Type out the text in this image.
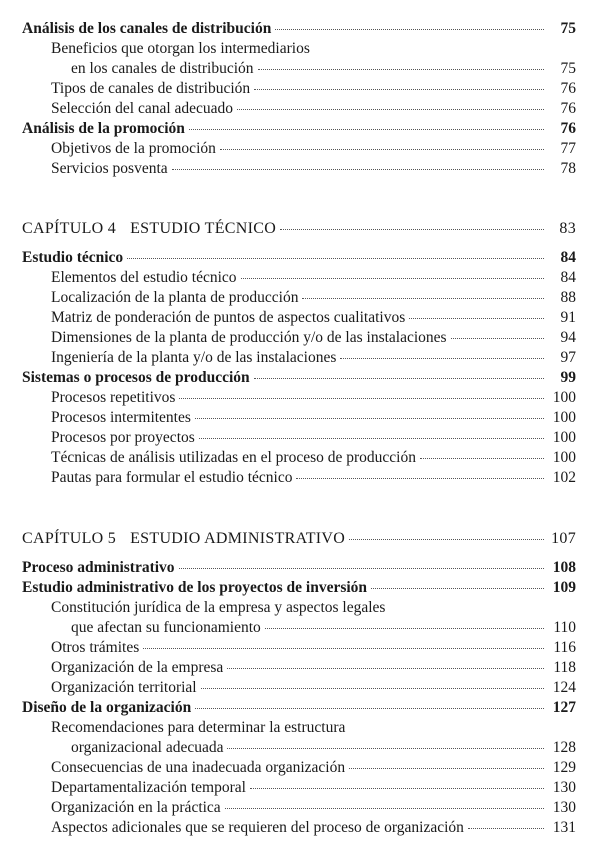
Análisis de los canales de distribución	75
Beneficios que otorgan los intermediarios
en los canales de distribución	75
Tipos de canales de distribución	76
Selección del canal adecuado	76
Análisis de la promoción	76
Objetivos de la promoción	77
Servicios posventa	78
CAPÍTULO 4 ESTUDIO TÉCNICO	83
Estudio técnico	84
Elementos del estudio técnico	84
Localización de la planta de producción	88
Matriz de ponderación de puntos de aspectos cualitativos	91
Dimensiones de la planta de producción y/o de las instalaciones	94
Ingeniería de la planta y/o de las instalaciones	97
Sistemas o procesos de producción	99
Procesos repetitivos	100
Procesos intermitentes	100
Procesos por proyectos	100
Técnicas de análisis utilizadas en el proceso de producción	100
Pautas para formular el estudio técnico	102
CAPÍTULO 5 ESTUDIO ADMINISTRATIVO	107
Proceso administrativo	108
Estudio administrativo de los proyectos de inversión	109
Constitución jurídica de la empresa y aspectos legales
que afectan su funcionamiento	110
Otros trámites	116
Organización de la empresa	118
Organización territorial	124
Diseño de la organización	127
Recomendaciones para determinar la estructura
organizacional adecuada	128
Consecuencias de una inadecuada organización	129
Departamentalización temporal	130
Organización en la práctica	130
Aspectos adicionales que se requieren del proceso de organización	131
